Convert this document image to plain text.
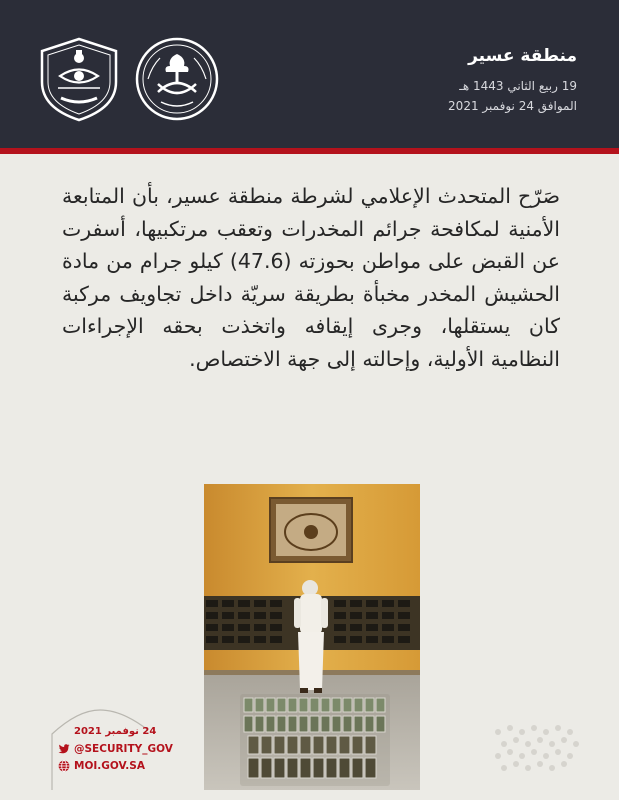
منطقة عسير
19 ربيع الثاني 1443 هـ
الموافق 24 نوفمبر 2021
صَرّح المتحدث الإعلامي لشرطة منطقة عسير، بأن المتابعة الأمنية لمكافحة جرائم المخدرات وتعقب مرتكبيها، أسفرت عن القبض على مواطن بحوزته (47.6) كيلو جرام من مادة الحشيش المخدر مخبأة بطريقة سريّة داخل تجاويف مركبة كان يستقلها، وجرى إيقافه واتخذت بحقه الإجراءات النظامية الأولية، وإحالته إلى جهة الاختصاص.
24 نوفمبر 2021
@SECURITY_GOV
MOI.GOV.SA
